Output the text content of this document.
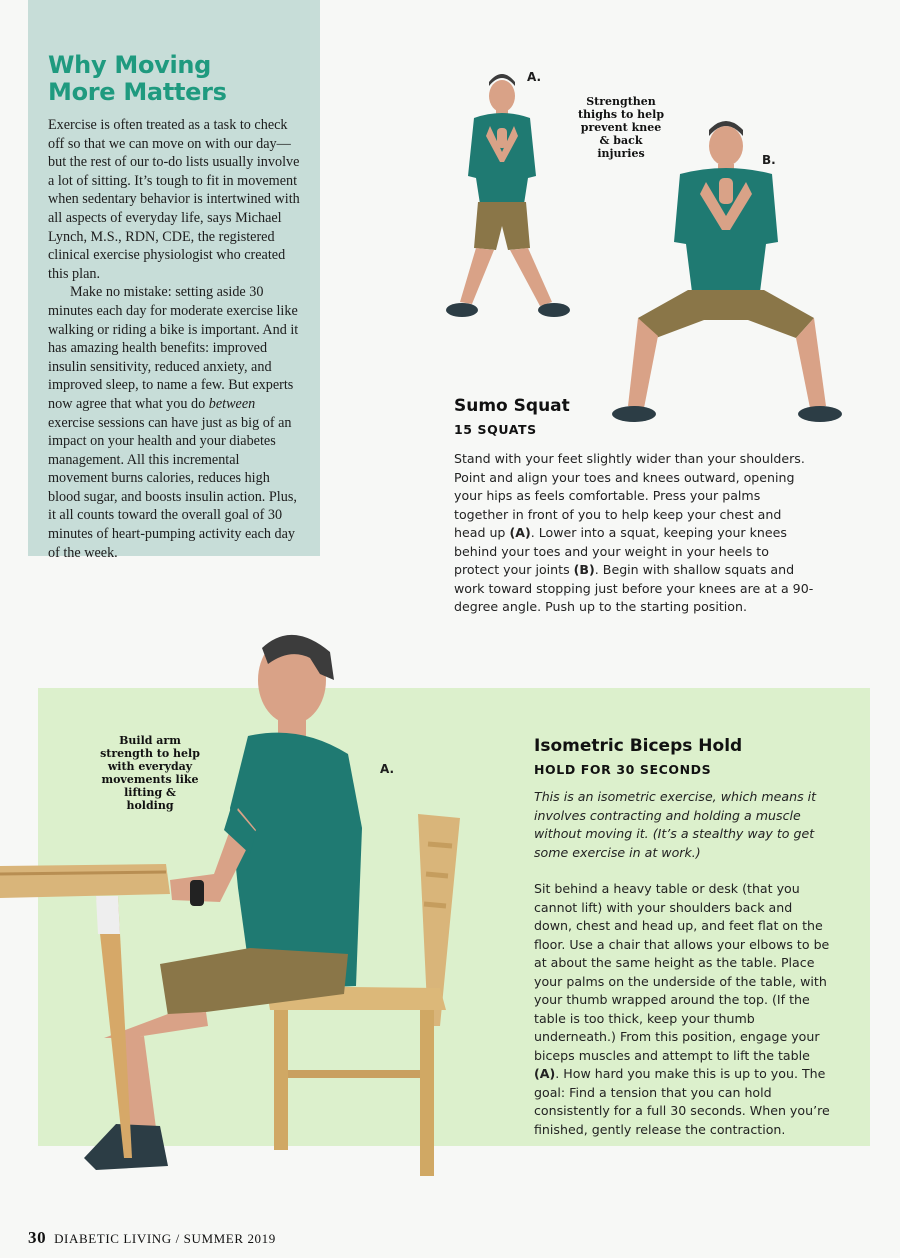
Why Moving
More Matters

Exercise is often treated as a task to check off so that we can move on with our day—but the rest of our to-do lists usually involve a lot of sitting. It’s tough to fit in movement when sedentary behavior is intertwined with all aspects of everyday life, says Michael Lynch, M.S., RDN, CDE, the registered clinical exercise physiologist who created this plan.

Make no mistake: setting aside 30 minutes each day for moderate exercise like walking or riding a bike is important. And it has amazing health benefits: improved insulin sensitivity, reduced anxiety, and improved sleep, to name a few. But experts now agree that what you do between exercise sessions can have just as big of an impact on your health and your diabetes management. All this incremental movement burns calories, reduces high blood sugar, and boosts insulin action. Plus, it all counts toward the overall goal of 30 minutes of heart-pumping activity each day of the week.

A.
Strengthen thighs to help prevent knee & back injuries	B.
Sumo Squat
15 SQUATS

Stand with your feet slightly wider than your shoulders. Point and align your toes and knees outward, opening your hips as feels comfortable. Press your palms together in front of you to help keep your chest and head up (A). Lower into a squat, keeping your knees behind your toes and your weight in your heels to protect your joints (B). Begin with shallow squats and work toward stopping just before your knees are at a 90-degree angle. Push up to the starting position.

Build arm strength to help with everyday movements like lifting & holding
A.
Isometric Biceps Hold
HOLD FOR 30 SECONDS

This is an isometric exercise, which means it involves contracting and holding a muscle without moving it. (It’s a stealthy way to get some exercise in at work.)

Sit behind a heavy table or desk (that you cannot lift) with your shoulders back and down, chest and head up, and feet flat on the floor. Use a chair that allows your elbows to be at about the same height as the table. Place your palms on the underside of the table, with your thumb wrapped around the top. (If the table is too thick, keep your thumb underneath.) From this position, engage your biceps muscles and attempt to lift the table (A). How hard you make this is up to you. The goal: Find a tension that you can hold consistently for a full 30 seconds. When you’re finished, gently release the contraction.

30 DIABETIC LIVING / SUMMER 2019
